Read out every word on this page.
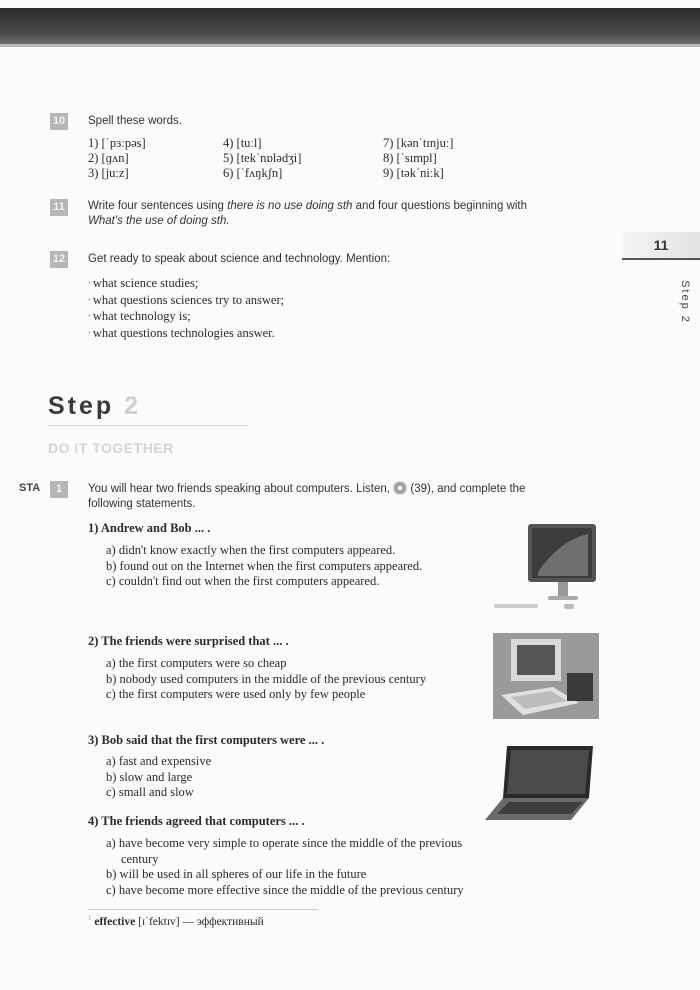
10 Spell these words.
1) [ˈpɜːpəs]
2) [ɡʌn]
3) [juːz]
4) [tuːl]
5) [tekˈnɒlədʒi]
6) [ˈfʌŋkʃn]
7) [kənˈtɪnjuː]
8) [ˈsɪmpl]
9) [təkˈniːk]
11 Write four sentences using there is no use doing sth and four questions beginning with
What's the use of doing sth.
12 Get ready to speak about science and technology. Mention:
▪ what science studies;
▪ what questions sciences try to answer;
▪ what technology is;
▪ what questions technologies answer.
11
Step 2
Step 2
DO IT TOGETHER
STA	1	You will hear two friends speaking about computers. Listen, (39), and complete the
following statements.
1) Andrew and Bob ... .
a) didn't know exactly when the first computers appeared.
b) found out on the Internet when the first computers appeared.
c) couldn't find out when the first computers appeared.
2) The friends were surprised that ... .
a) the first computers were so cheap
b) nobody used computers in the middle of the previous century
c) the first computers were used only by few people
3) Bob said that the first computers were ... .
a) fast and expensive
b) slow and large
c) small and slow
4) The friends agreed that computers ... .
a) have become very simple to operate since the middle of the previous century
b) will be used in all spheres of our life in the future
c) have become more effective since the middle of the previous century
$^1$ effective [ɪˈfektɪv] — эффективный
